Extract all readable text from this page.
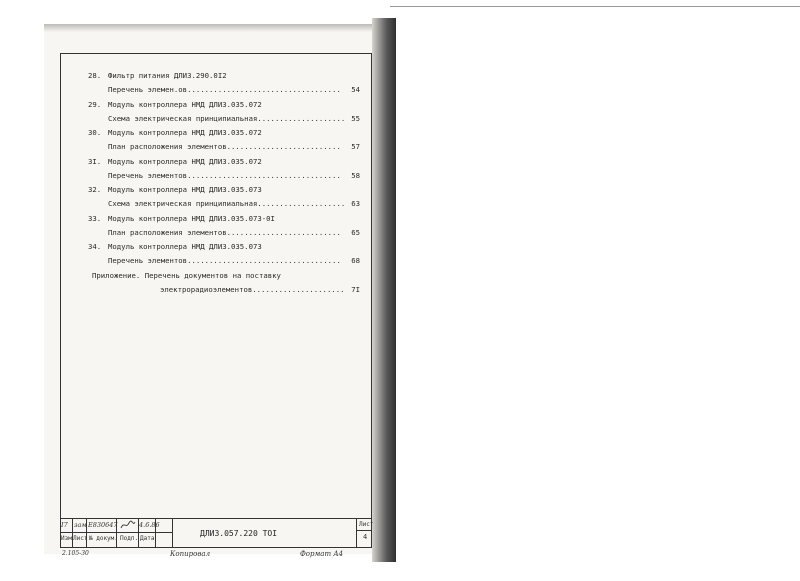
28. Фильтр питания ДЛИЗ.290.0I2
Перечень элемен.ов................................... 54
29. Модуль контроллера НМД ДЛИЗ.035.072
Схема электрическая принципиальная.................... 55
30. Модуль контроллера НМД ДЛИЗ.035.072
План расположения элементов.......................... 57
3I. Модуль контроллера НМД ДЛИЗ.035.072
Перечень элементов................................... 58
32. Модуль контроллера НМД ДЛИЗ.035.073
Схема электрическая принципиальная.................... 63
33. Модуль контроллера НМД ДЛИЗ.035.073-0I
План расположения элементов.......................... 65
34. Модуль контроллера НМД ДЛИЗ.035.073
Перечень элементов................................... 68
Приложение. Перечень документов на поставку
электрорадиоэлементов..................... 7I
I7 зам Е830647	4.6.86
Изм Лист № докум. Подп. Дата
ДЛИЗ.057.220 ТОI
Лист
4
2.105-30	Копировал	Формат А4
